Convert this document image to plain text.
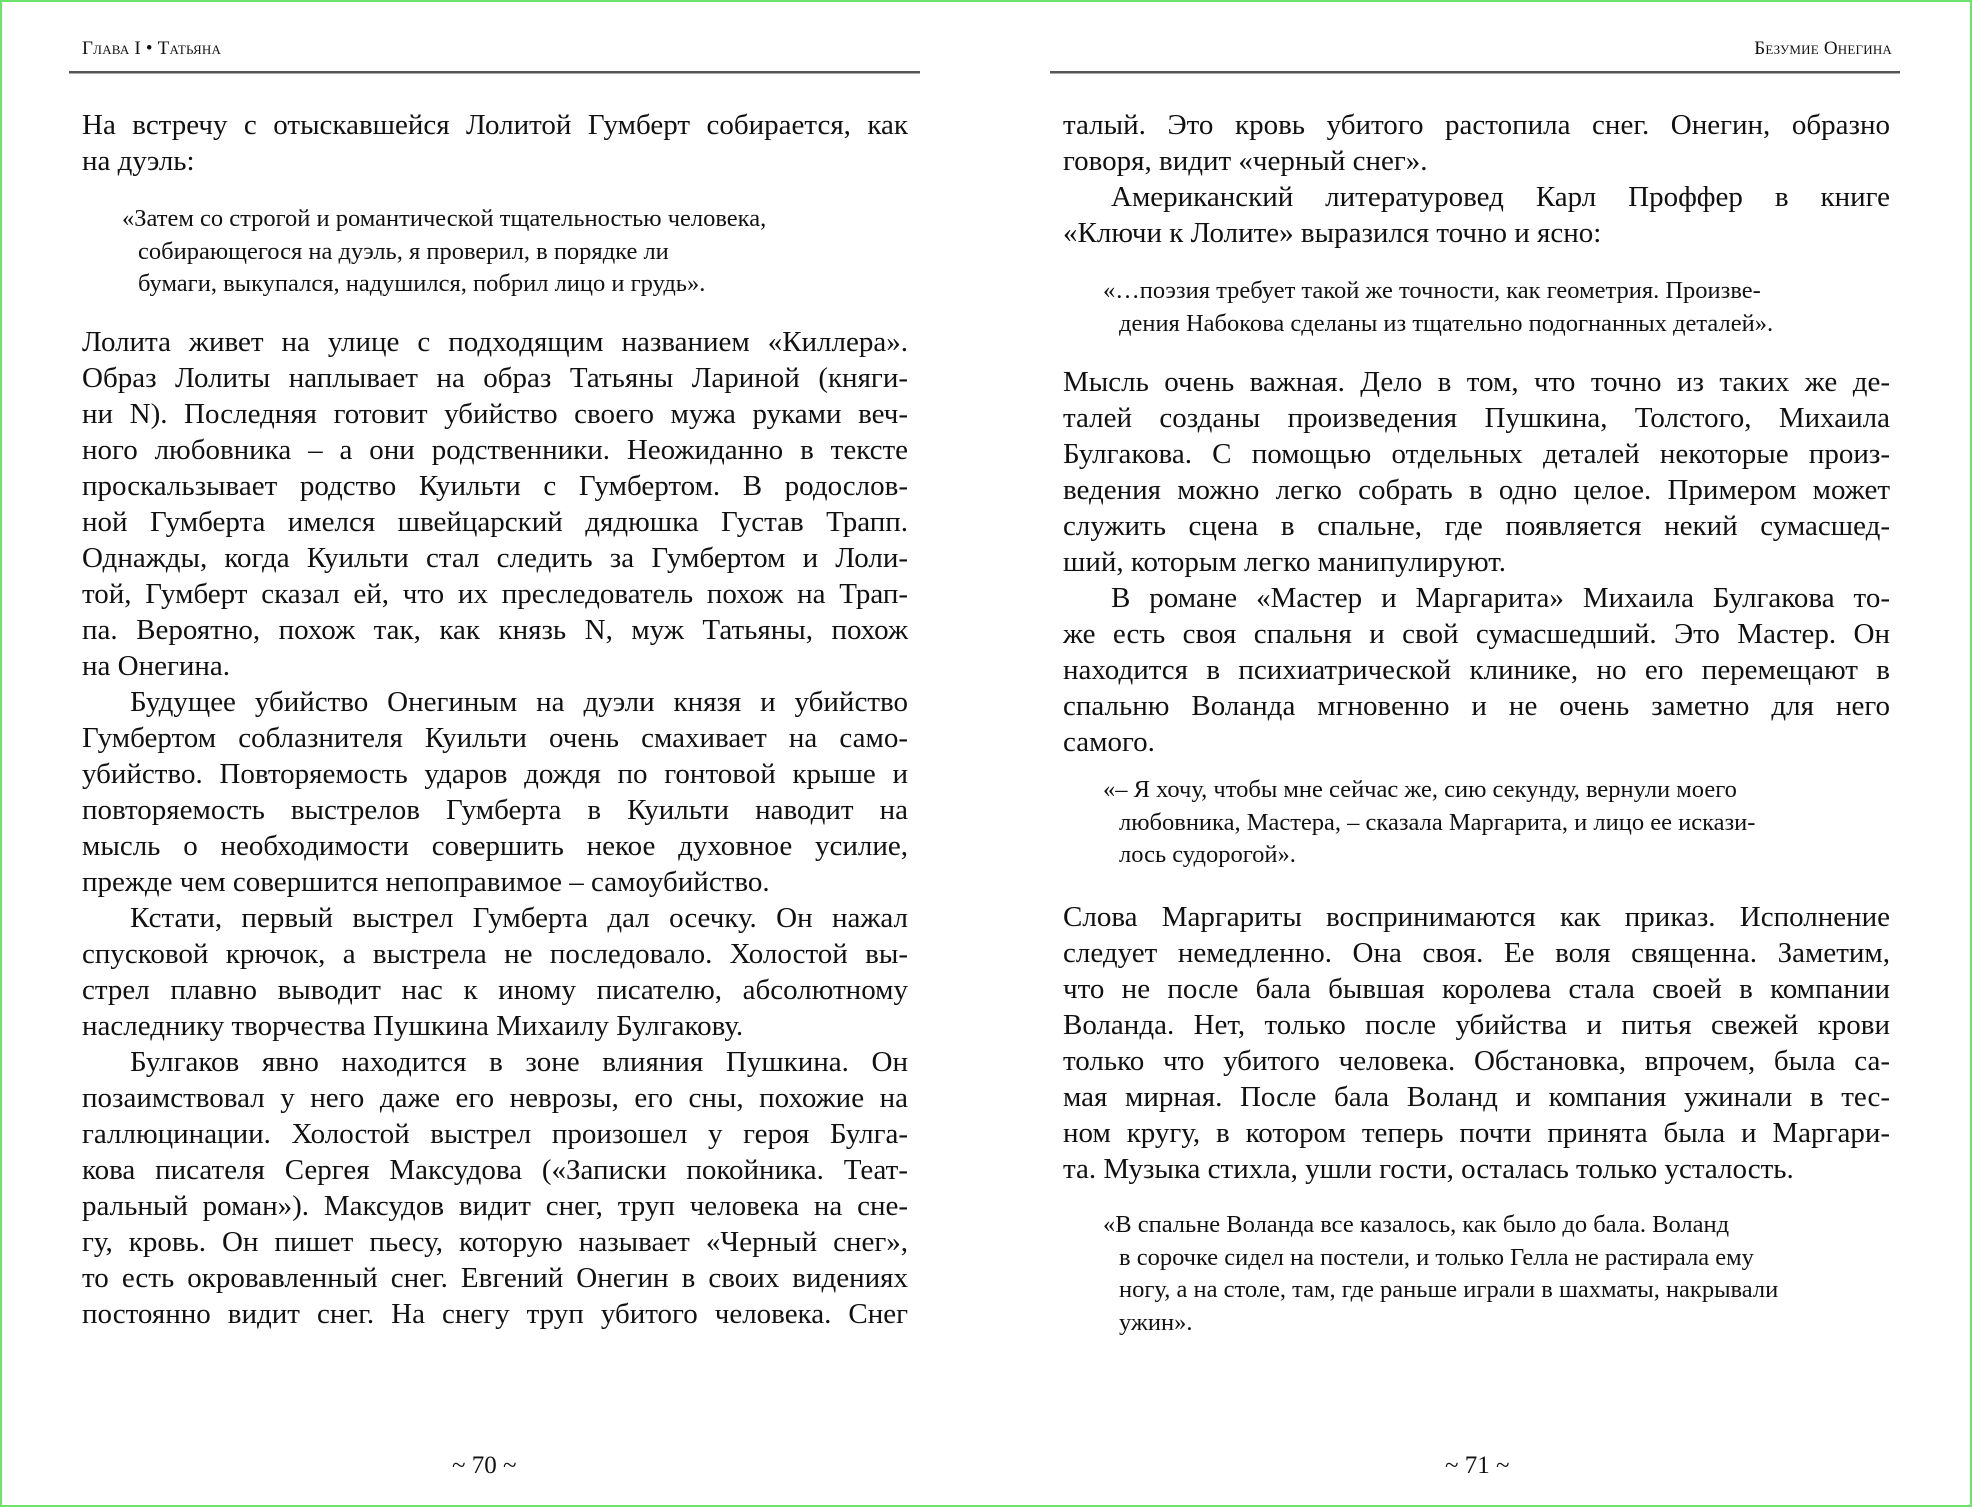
Глава I • Татьяна
На встречу с отыскавшейся Лолитой Гумберт собирается, как
на дуэль:
«Затем со строгой и романтической тщательностью человека,
собирающегося на дуэль, я проверил, в порядке ли
бумаги, выкупался, надушился, побрил лицо и грудь».
Лолита живет на улице с подходящим названием «Киллера».
Образ Лолиты наплывает на образ Татьяны Лариной (княги-
ни N). Последняя готовит убийство своего мужа руками веч-
ного любовника – а они родственники. Неожиданно в тексте
проскальзывает родство Куильти с Гумбертом. В родослов-
ной Гумберта имелся швейцарский дядюшка Густав Трапп.
Однажды, когда Куильти стал следить за Гумбертом и Лоли-
той, Гумберт сказал ей, что их преследователь похож на Трап-
па. Вероятно, похож так, как князь N, муж Татьяны, похож
на Онегина.
Будущее убийство Онегиным на дуэли князя и убийство
Гумбертом соблазнителя Куильти очень смахивает на само-
убийство. Повторяемость ударов дождя по гонтовой крыше и
повторяемость выстрелов Гумберта в Куильти наводит на
мысль о необходимости совершить некое духовное усилие,
прежде чем совершится непоправимое – самоубийство.
Кстати, первый выстрел Гумберта дал осечку. Он нажал
спусковой крючок, а выстрела не последовало. Холостой вы-
стрел плавно выводит нас к иному писателю, абсолютному
наследнику творчества Пушкина Михаилу Булгакову.
Булгаков явно находится в зоне влияния Пушкина. Он
позаимствовал у него даже его неврозы, его сны, похожие на
галлюцинации. Холостой выстрел произошел у героя Булга-
кова писателя Сергея Максудова («Записки покойника. Теат-
ральный роман»). Максудов видит снег, труп человека на сне-
гу, кровь. Он пишет пьесу, которую называет «Черный снег»,
то есть окровавленный снег. Евгений Онегин в своих видениях
постоянно видит снег. На снегу труп убитого человека. Снег
~ 70 ~
Безумие Онегина
талый. Это кровь убитого растопила снег. Онегин, образно
говоря, видит «черный снег».
Американский литературовед Карл Проффер в книге
«Ключи к Лолите» выразился точно и ясно:
«…поэзия требует такой же точности, как геометрия. Произве-
дения Набокова сделаны из тщательно подогнанных деталей».
Мысль очень важная. Дело в том, что точно из таких же де-
талей созданы произведения Пушкина, Толстого, Михаила
Булгакова. С помощью отдельных деталей некоторые произ-
ведения можно легко собрать в одно целое. Примером может
служить сцена в спальне, где появляется некий сумасшед-
ший, которым легко манипулируют.
В романе «Мастер и Маргарита» Михаила Булгакова то-
же есть своя спальня и свой сумасшедший. Это Мастер. Он
находится в психиатрической клинике, но его перемещают в
спальню Воланда мгновенно и не очень заметно для него
самого.
«– Я хочу, чтобы мне сейчас же, сию секунду, вернули моего
любовника, Мастера, – сказала Маргарита, и лицо ее искази-
лось судорогой».
Слова Маргариты воспринимаются как приказ. Исполнение
следует немедленно. Она своя. Ее воля священна. Заметим,
что не после бала бывшая королева стала своей в компании
Воланда. Нет, только после убийства и питья свежей крови
только что убитого человека. Обстановка, впрочем, была са-
мая мирная. После бала Воланд и компания ужинали в тес-
ном кругу, в котором теперь почти принята была и Маргари-
та. Музыка стихла, ушли гости, осталась только усталость.
«В спальне Воланда все казалось, как было до бала. Воланд
в сорочке сидел на постели, и только Гелла не растирала ему
ногу, а на столе, там, где раньше играли в шахматы, накрывали
ужин».
~ 71 ~
